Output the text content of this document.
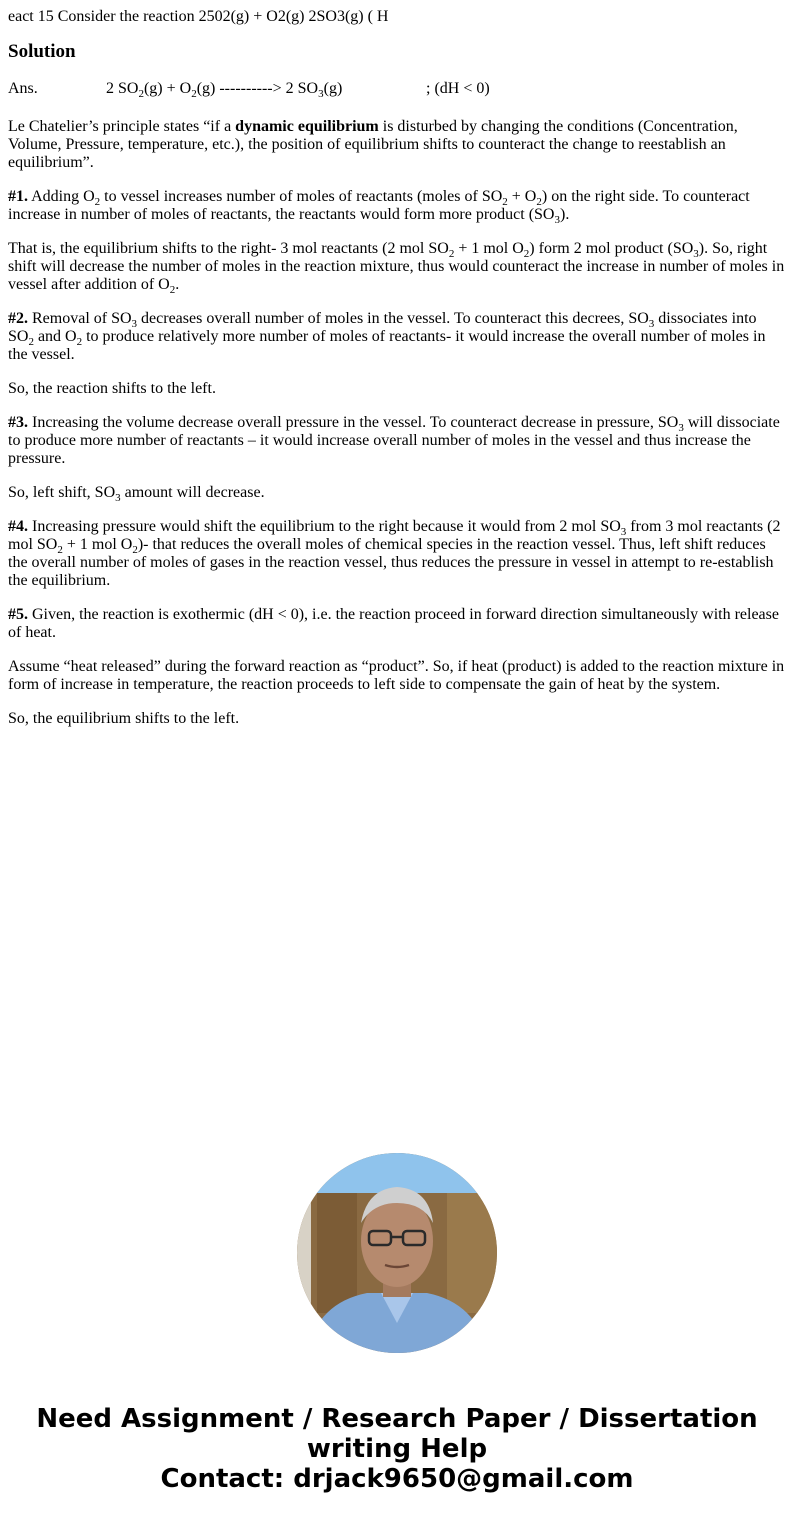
eact 15 Consider the reaction 2502(g) + O2(g) 2SO3(g) ( H
Solution
Ans.	2 $SO_2(g) + O_2(g)$ ----------> 2 $SO_3(g)$	; (dH < 0)

Le Chatelier’s principle states “if a dynamic equilibrium is disturbed by changing the conditions (Concentration, Volume, Pressure, temperature, etc.), the position of equilibrium shifts to counteract the change to reestablish an equilibrium”.

#1. Adding $O_2$ to vessel increases number of moles of reactants (moles of $SO_2 + O_2$) on the right side. To counteract increase in number of moles of reactants, the reactants would form more product $(SO_3)$.

That is, the equilibrium shifts to the right- 3 mol reactants (2 mol $SO_2 + 1$ mol $O_2$) form 2 mol product $(SO_3)$. So, right shift will decrease the number of moles in the reaction mixture, thus would counteract the increase in number of moles in vessel after addition of $O_2$.

#2. Removal of $SO_3$ decreases overall number of moles in the vessel. To counteract this decrees, $SO_3$ dissociates into $SO_2$ and $O_2$ to produce relatively more number of moles of reactants- it would increase the overall number of moles in the vessel.

So, the reaction shifts to the left.

#3. Increasing the volume decrease overall pressure in the vessel. To counteract decrease in pressure, $SO_3$ will dissociate to produce more number of reactants – it would increase overall number of moles in the vessel and thus increase the pressure.

So, left shift, $SO_3$ amount will decrease.

#4. Increasing pressure would shift the equilibrium to the right because it would from 2 mol $SO_3$ from 3 mol reactants (2 mol $SO_2 + 1$ mol $O_2)-$ that reduces the overall moles of chemical species in the reaction vessel. Thus, left shift reduces the overall number of moles of gases in the reaction vessel, thus reduces the pressure in vessel in attempt to re-establish the equilibrium.

#5. Given, the reaction is exothermic (dH < 0), i.e. the reaction proceed in forward direction simultaneously with release of heat.

Assume “heat released” during the forward reaction as “product”. So, if heat (product) is added to the reaction mixture in form of increase in temperature, the reaction proceeds to left side to compensate the gain of heat by the system.

So, the equilibrium shifts to the left.

Need Assignment / Research Paper / Dissertation
writing Help
Contact: drjack9650@gmail.com
